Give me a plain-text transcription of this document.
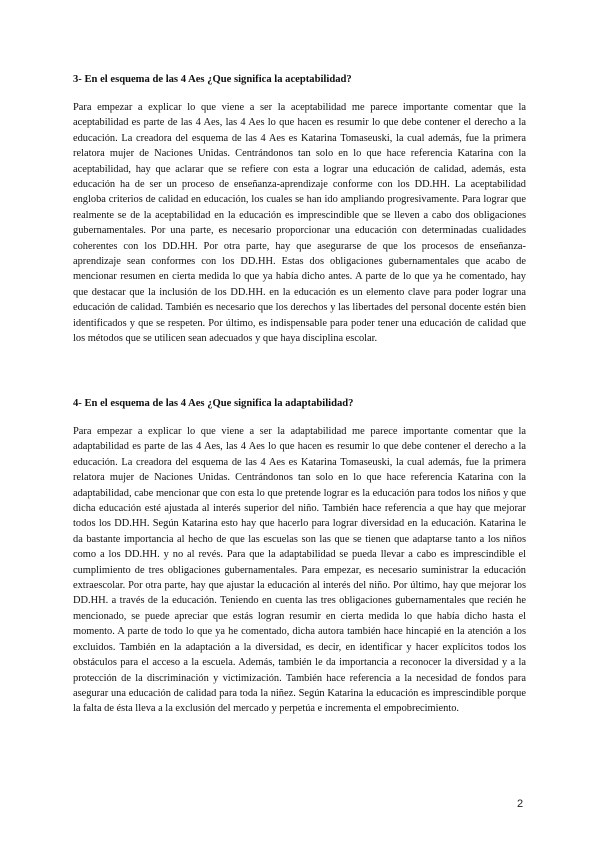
3- En el esquema de las 4 Aes ¿Que significa la aceptabilidad?

Para empezar a explicar lo que viene a ser la aceptabilidad me parece importante comentar que la aceptabilidad es parte de las 4 Aes, las 4 Aes lo que hacen es resumir lo que debe contener el derecho a la educación. La creadora del esquema de las 4 Aes es Katarina Tomaseuski, la cual además, fue la primera relatora mujer de Naciones Unidas. Centrándonos tan solo en lo que hace referencia Katarina con la aceptabilidad, hay que aclarar que se refiere con esta a lograr una educación de calidad, además, esta educación ha de ser un proceso de enseñanza-aprendizaje conforme con los DD.HH. La aceptabilidad engloba criterios de calidad en educación, los cuales se han ido ampliando progresivamente. Para lograr que realmente se de la aceptabilidad en la educación es imprescindible que se lleven a cabo dos obligaciones gubernamentales. Por una parte, es necesario proporcionar una educación con determinadas cualidades coherentes con los DD.HH. Por otra parte, hay que asegurarse de que los procesos de enseñanza- aprendizaje sean conformes con los DD.HH. Estas dos obligaciones gubernamentales que acabo de mencionar resumen en cierta medida lo que ya había dicho antes. A parte de lo que ya he comentado, hay que destacar que la inclusión de los DD.HH. en la educación es un elemento clave para poder lograr una educación de calidad. También es necesario que los derechos y las libertades del personal docente estén bien identificados y que se respeten. Por último, es indispensable para poder tener una educación de calidad que los métodos que se utilicen sean adecuados y que haya disciplina escolar.

4- En el esquema de las 4 Aes ¿Que significa la adaptabilidad?

Para empezar a explicar lo que viene a ser la adaptabilidad me parece importante comentar que la adaptabilidad es parte de las 4 Aes, las 4 Aes lo que hacen es resumir lo que debe contener el derecho a la educación. La creadora del esquema de las 4 Aes es Katarina Tomaseuski, la cual además, fue la primera relatora mujer de Naciones Unidas. Centrándonos tan solo en lo que hace referencia Katarina con la adaptabilidad, cabe mencionar que con esta lo que pretende lograr es la educación para todos los niños y que dicha educación esté ajustada al interés superior del niño. También hace referencia a que hay que mejorar todos los DD.HH. Según Katarina esto hay que hacerlo para lograr diversidad en la educación. Katarina le da bastante importancia al hecho de que las escuelas son las que se tienen que adaptarse tanto a los niños como a los DD.HH. y no al revés. Para que la adaptabilidad se pueda llevar a cabo es imprescindible el cumplimiento de tres obligaciones gubernamentales. Para empezar, es necesario suministrar la educación extraescolar. Por otra parte, hay que ajustar la educación al interés del niño. Por último, hay que mejorar los DD.HH. a través de la educación. Teniendo en cuenta las tres obligaciones gubernamentales que recién he mencionado, se puede apreciar que estás logran resumir en cierta medida lo que había dicho hasta el momento. A parte de todo lo que ya he comentado, dicha autora también hace hincapié en la atención a los excluidos. También en la adaptación a la diversidad, es decir, en identificar y hacer explícitos todos los obstáculos para el acceso a la escuela. Además, también le da importancia a reconocer la diversidad y a la protección de la discriminación y victimización. También hace referencia a la necesidad de fondos para asegurar una educación de calidad para toda la niñez. Según Katarina la educación es imprescindible porque la falta de ésta lleva a la exclusión del mercado y perpetúa e incrementa el empobrecimiento.

2
